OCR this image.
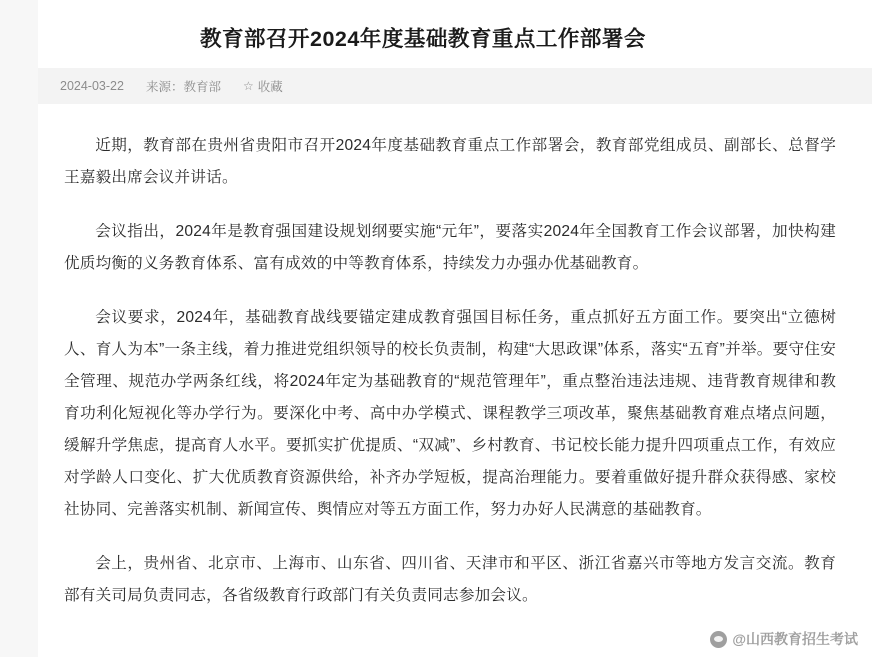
教育部召开2024年度基础教育重点工作部署会
2024-03-22 来源：教育部 ☆ 收藏

近期，教育部在贵州省贵阳市召开2024年度基础教育重点工作部署会，教育部党组成员、副部长、总督学王嘉毅出席会议并讲话。

会议指出，2024年是教育强国建设规划纲要实施“元年”，要落实2024年全国教育工作会议部署，加快构建优质均衡的义务教育体系、富有成效的中等教育体系，持续发力办强办优基础教育。

会议要求，2024年，基础教育战线要锚定建成教育强国目标任务，重点抓好五方面工作。要突出“立德树人、育人为本”一条主线，着力推进党组织领导的校长负责制，构建“大思政课”体系，落实“五育”并举。要守住安全管理、规范办学两条红线，将2024年定为基础教育的“规范管理年”，重点整治违法违规、违背教育规律和教育功利化短视化等办学行为。要深化中考、高中办学模式、课程教学三项改革，聚焦基础教育难点堵点问题，缓解升学焦虑，提高育人水平。要抓实扩优提质、“双减”、乡村教育、书记校长能力提升四项重点工作，有效应对学龄人口变化、扩大优质教育资源供给，补齐办学短板，提高治理能力。要着重做好提升群众获得感、家校社协同、完善落实机制、新闻宣传、舆情应对等五方面工作，努力办好人民满意的基础教育。

会上，贵州省、北京市、上海市、山东省、四川省、天津市和平区、浙江省嘉兴市等地方发言交流。教育部有关司局负责同志，各省级教育行政部门有关负责同志参加会议。

@山西教育招生考试
